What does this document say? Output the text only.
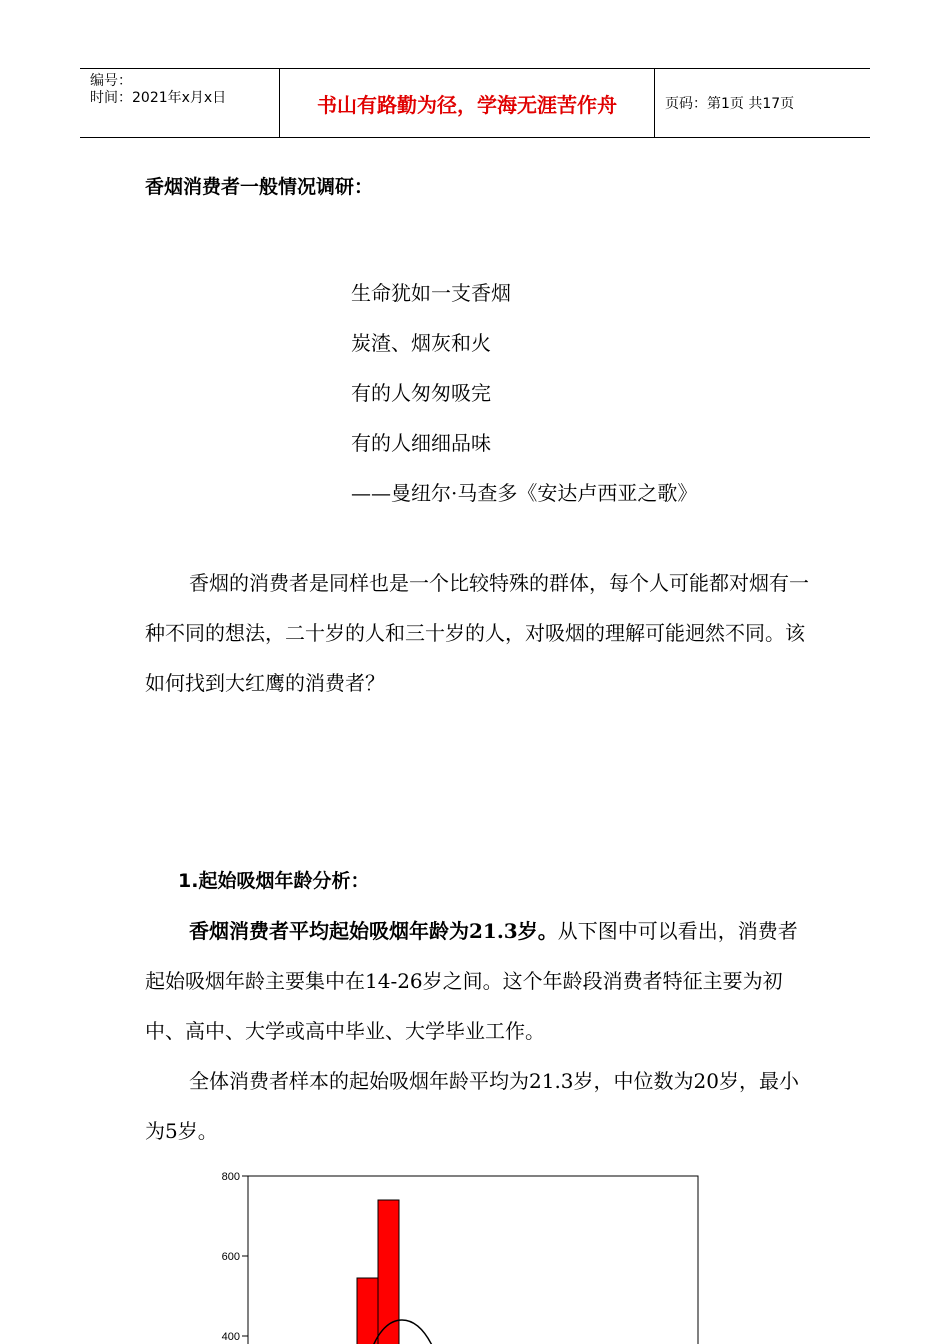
编号：
时间：2021年x月x日	书山有路勤为径，学海无涯苦作舟	页码：第1页 共17页
香烟消费者一般情况调研：
生命犹如一支香烟
炭渣、烟灰和火
有的人匆匆吸完
有的人细细品味
——曼纽尔·马查多《安达卢西亚之歌》
香烟的消费者是同样也是一个比较特殊的群体，每个人可能都对烟有一种不同的想法，二十岁的人和三十岁的人，对吸烟的理解可能迥然不同。该如何找到大红鹰的消费者？
1.起始吸烟年龄分析：
香烟消费者平均起始吸烟年龄为21.3岁。从下图中可以看出，消费者起始吸烟年龄主要集中在14-26岁之间。这个年龄段消费者特征主要为初中、高中、大学或高中毕业、大学毕业工作。
全体消费者样本的起始吸烟年龄平均为21.3岁，中位数为20岁，最小为5岁。
800
600
400
